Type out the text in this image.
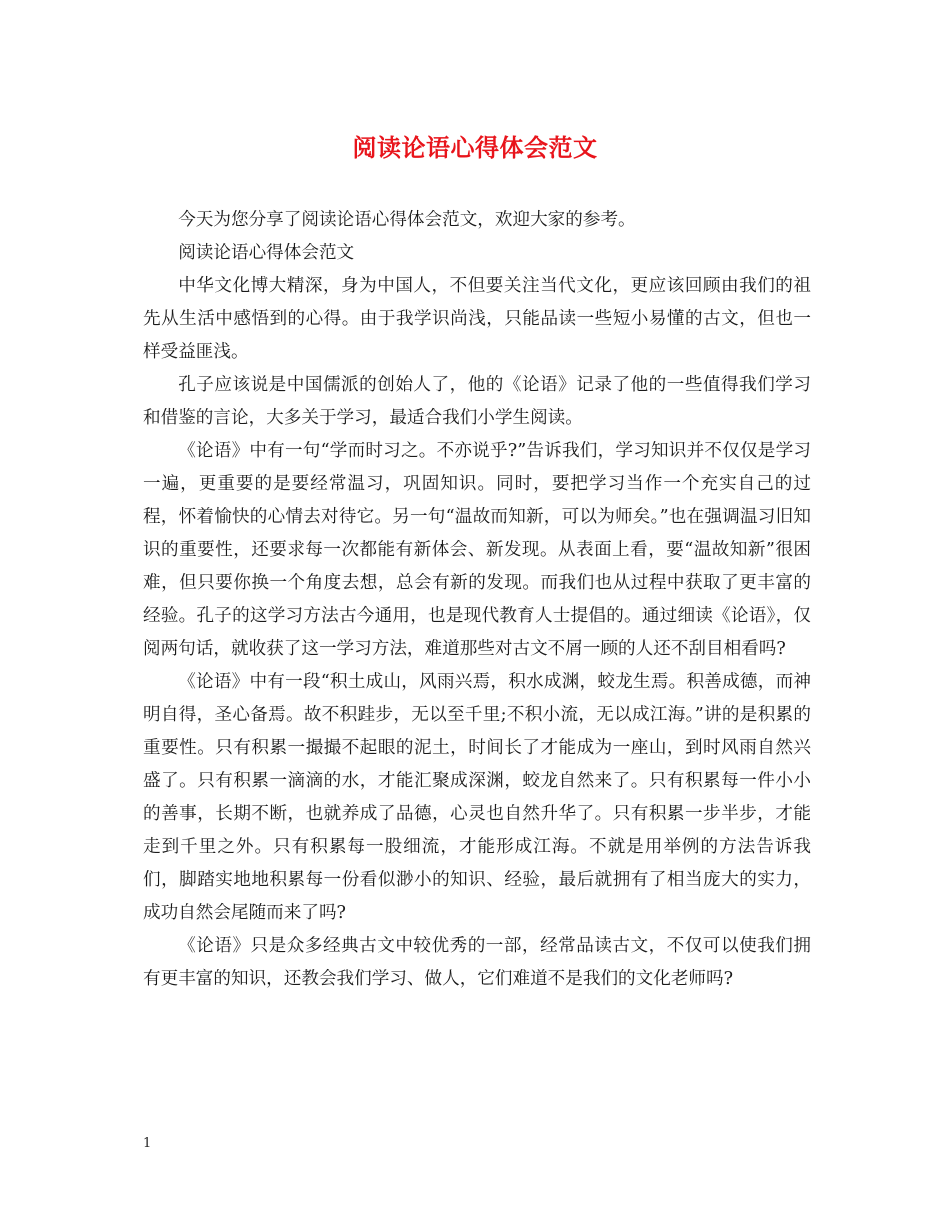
阅读论语心得体会范文

今天为您分享了阅读论语心得体会范文，欢迎大家的参考。

阅读论语心得体会范文

中华文化博大精深，身为中国人，不但要关注当代文化，更应该回顾由我们的祖先从生活中感悟到的心得。由于我学识尚浅，只能品读一些短小易懂的古文，但也一样受益匪浅。

孔子应该说是中国儒派的创始人了，他的《论语》记录了他的一些值得我们学习和借鉴的言论，大多关于学习，最适合我们小学生阅读。

《论语》中有一句“学而时习之。不亦说乎?”告诉我们，学习知识并不仅仅是学习一遍，更重要的是要经常温习，巩固知识。同时，要把学习当作一个充实自己的过程，怀着愉快的心情去对待它。另一句“温故而知新，可以为师矣。”也在强调温习旧知识的重要性，还要求每一次都能有新体会、新发现。从表面上看，要“温故知新”很困难，但只要你换一个角度去想，总会有新的发现。而我们也从过程中获取了更丰富的经验。孔子的这学习方法古今通用，也是现代教育人士提倡的。通过细读《论语》，仅阅两句话，就收获了这一学习方法，难道那些对古文不屑一顾的人还不刮目相看吗?

《论语》中有一段“积土成山，风雨兴焉，积水成渊，蛟龙生焉。积善成德，而神明自得，圣心备焉。故不积跬步，无以至千里;不积小流，无以成江海。”讲的是积累的重要性。只有积累一撮撮不起眼的泥土，时间长了才能成为一座山，到时风雨自然兴盛了。只有积累一滴滴的水，才能汇聚成深渊，蛟龙自然来了。只有积累每一件小小的善事，长期不断，也就养成了品德，心灵也自然升华了。只有积累一步半步，才能走到千里之外。只有积累每一股细流，才能形成江海。不就是用举例的方法告诉我们，脚踏实地地积累每一份看似渺小的知识、经验，最后就拥有了相当庞大的实力，成功自然会尾随而来了吗?

《论语》只是众多经典古文中较优秀的一部，经常品读古文，不仅可以使我们拥有更丰富的知识，还教会我们学习、做人，它们难道不是我们的文化老师吗?

1
